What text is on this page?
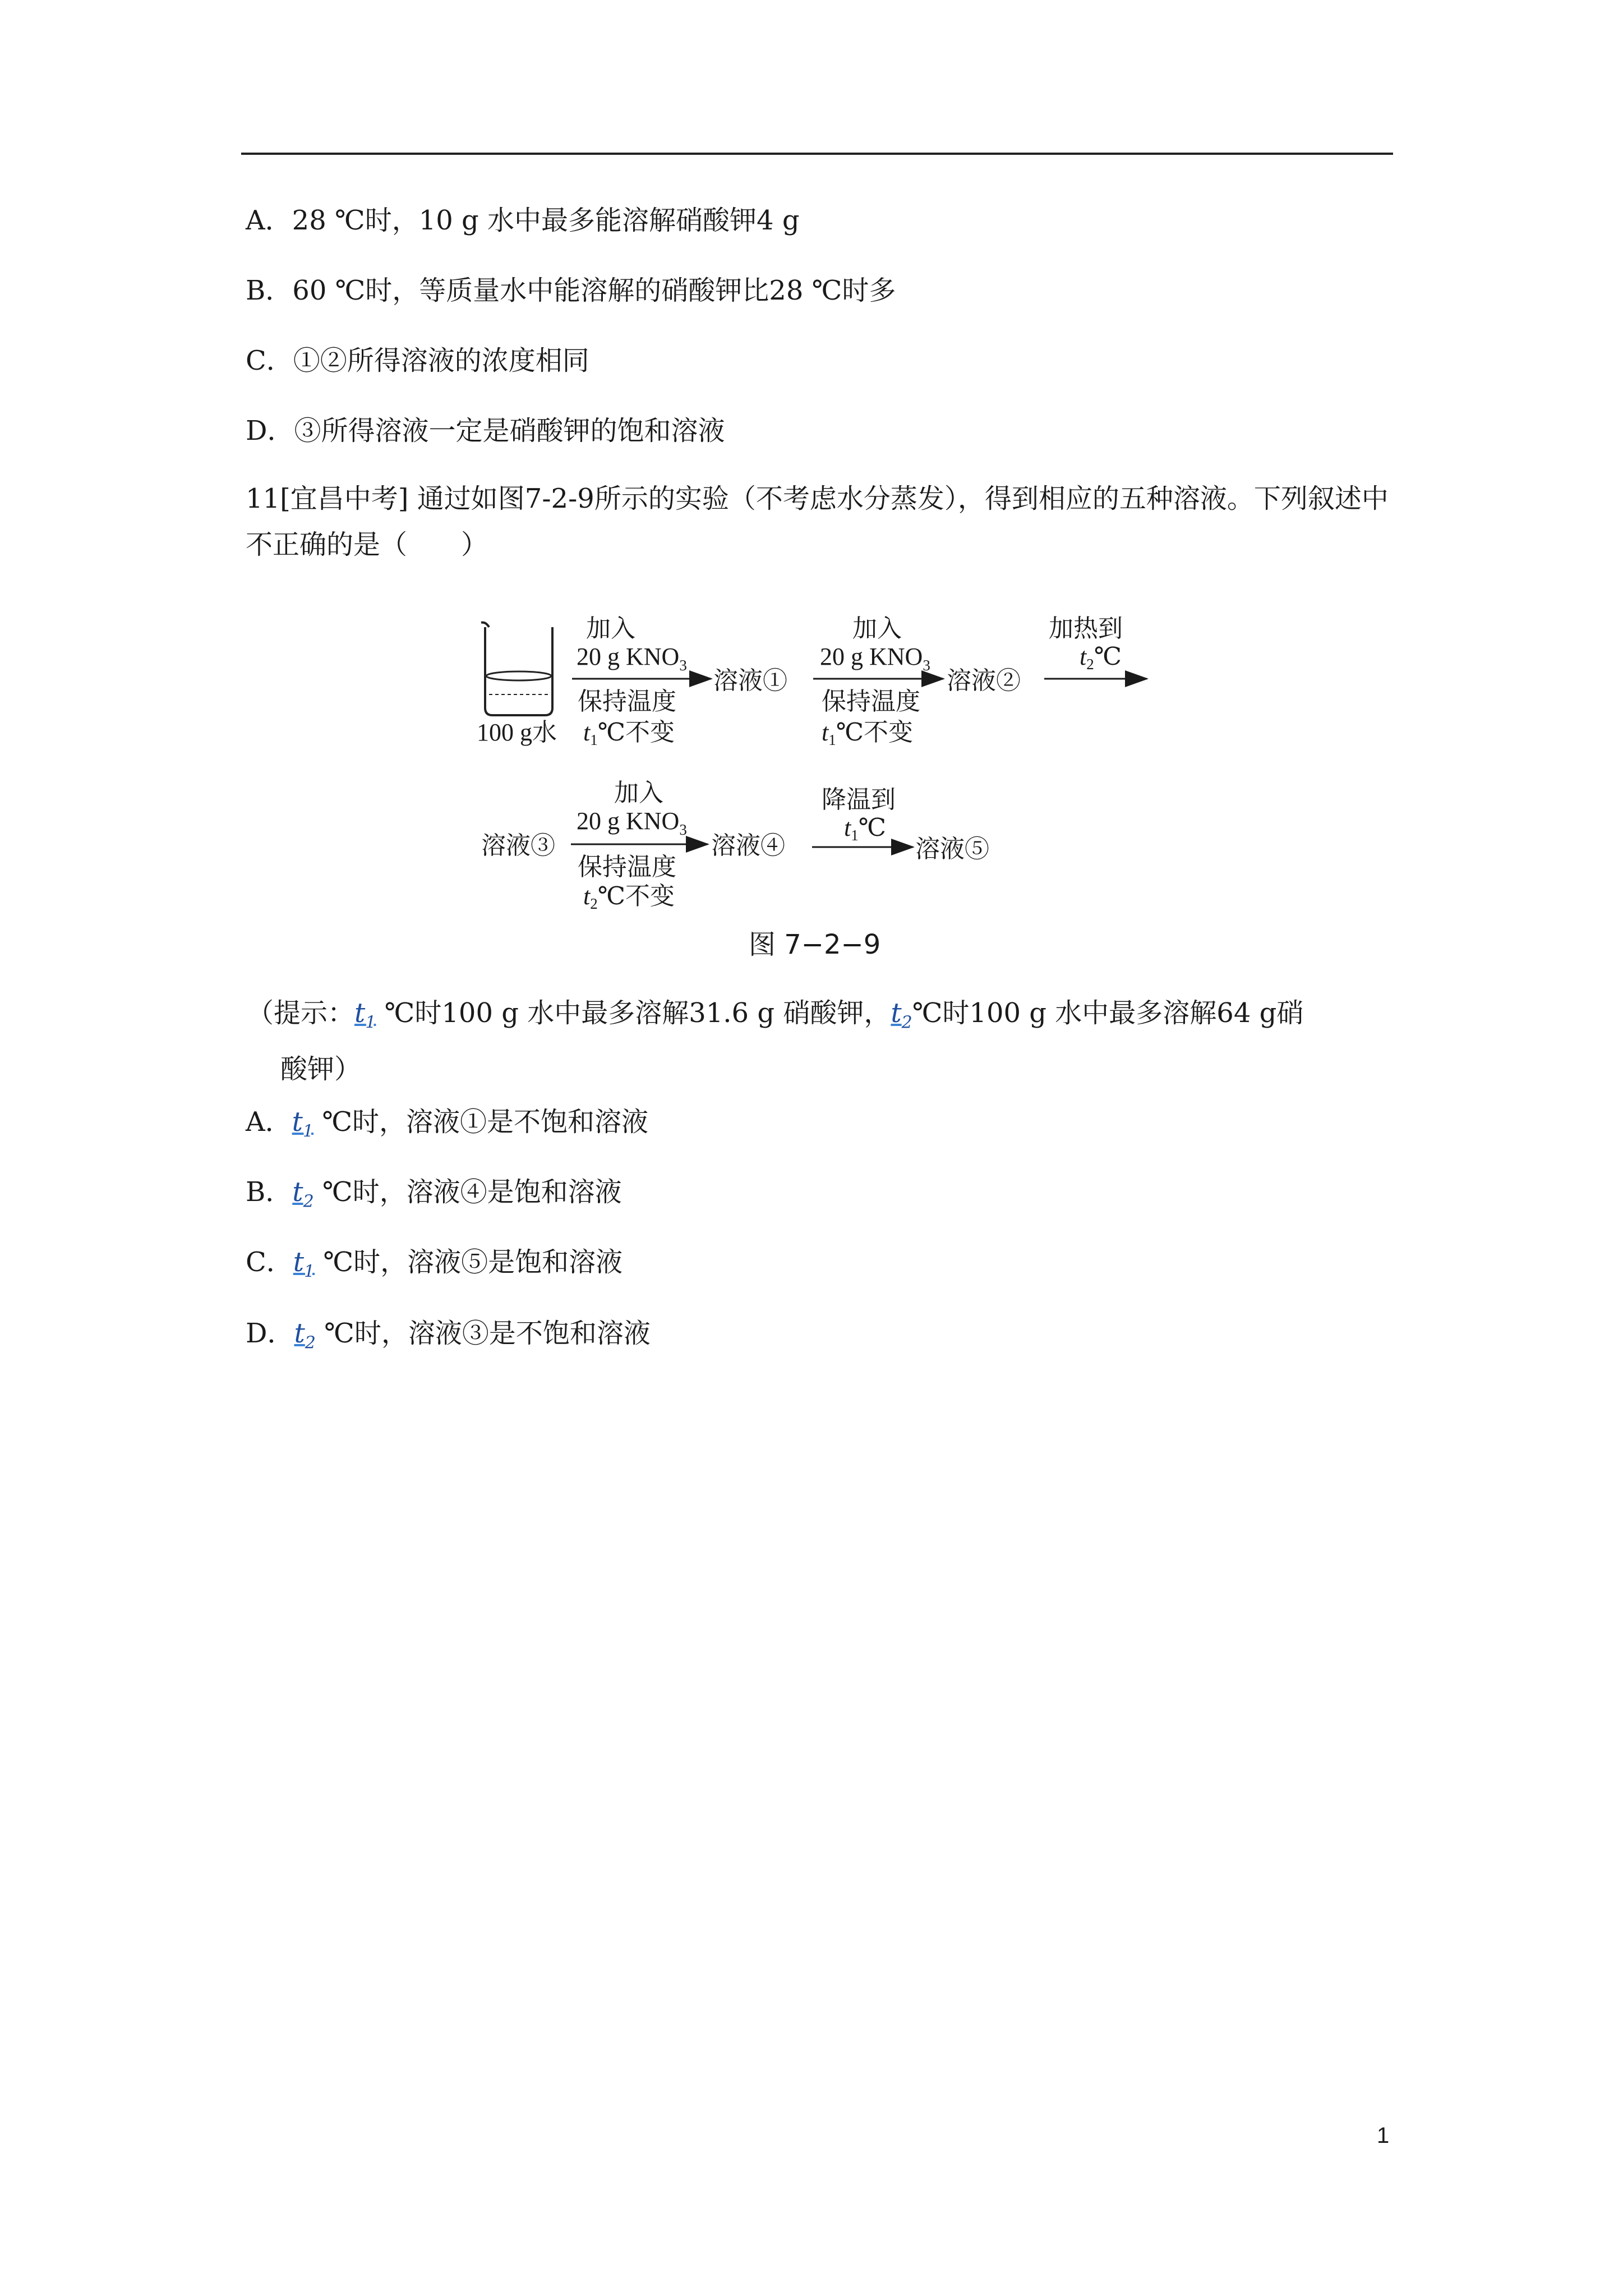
A．28 ℃时，10 g 水中最多能溶解硝酸钾4 g
B．60 ℃时，等质量水中能溶解的硝酸钾比28 ℃时多
C．①②所得溶液的浓度相同
D．③所得溶液一定是硝酸钾的饱和溶液
11[宜昌中考] 通过如图7-2-9所示的实验（不考虑水分蒸发），得到相应的五种溶液。下列叙述中不正确的是（　　）
100 g水
加入
20 g $KNO_3$
保持温度
t1℃不变
溶液①
加入
20 g $KNO_3$
保持温度
t1℃不变
溶液②
加热到
t2℃
溶液③
加入
20 g $KNO_3$
保持温度
t2℃不变
溶液④
降温到
t1℃
溶液⑤
图 7−2−9
（提示：$t_1$ ℃时100 g 水中最多溶解31.6 g 硝酸钾，$t_2℃$时100 g 水中最多溶解64 g硝
酸钾）
A．$t_1$ ℃时，溶液①是不饱和溶液
B．$t_2$ ℃时，溶液④是饱和溶液
C．$t_1$ ℃时，溶液⑤是饱和溶液
D．$t_2$ ℃时，溶液③是不饱和溶液
1
